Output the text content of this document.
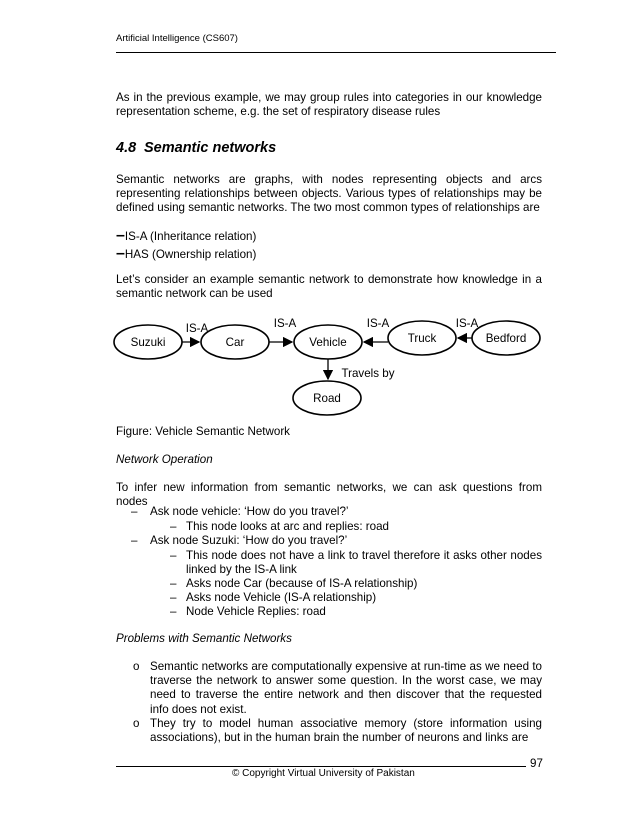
Artificial Intelligence (CS607)
As in the previous example, we may group rules into categories in our knowledge representation scheme, e.g. the set of respiratory disease rules
4.8 Semantic networks
Semantic networks are graphs, with nodes representing objects and arcs representing relationships between objects. Various types of relationships may be defined using semantic networks. The two most common types of relationships are
–IS-A (Inheritance relation)
–HAS (Ownership relation)
Let’s consider an example semantic network to demonstrate how knowledge in a semantic network can be used
Suzuki	Car	Vehicle	Truck	Bedford
Road
IS-A	IS-A	IS-A	IS-A
Travels by
Figure: Vehicle Semantic Network
Network Operation
To infer new information from semantic networks, we can ask questions from nodes
– Ask node vehicle: ‘How do you travel?’
– This node looks at arc and replies: road
– Ask node Suzuki: ‘How do you travel?’
– This node does not have a link to travel therefore it asks other nodes linked by the IS-A link
– Asks node Car (because of IS-A relationship)
– Asks node Vehicle (IS-A relationship)
– Node Vehicle Replies: road
Problems with Semantic Networks
o Semantic networks are computationally expensive at run-time as we need to traverse the network to answer some question. In the worst case, we may need to traverse the entire network and then discover that the requested info does not exist.
o They try to model human associative memory (store information using associations), but in the human brain the number of neurons and links are
97
© Copyright Virtual University of Pakistan
